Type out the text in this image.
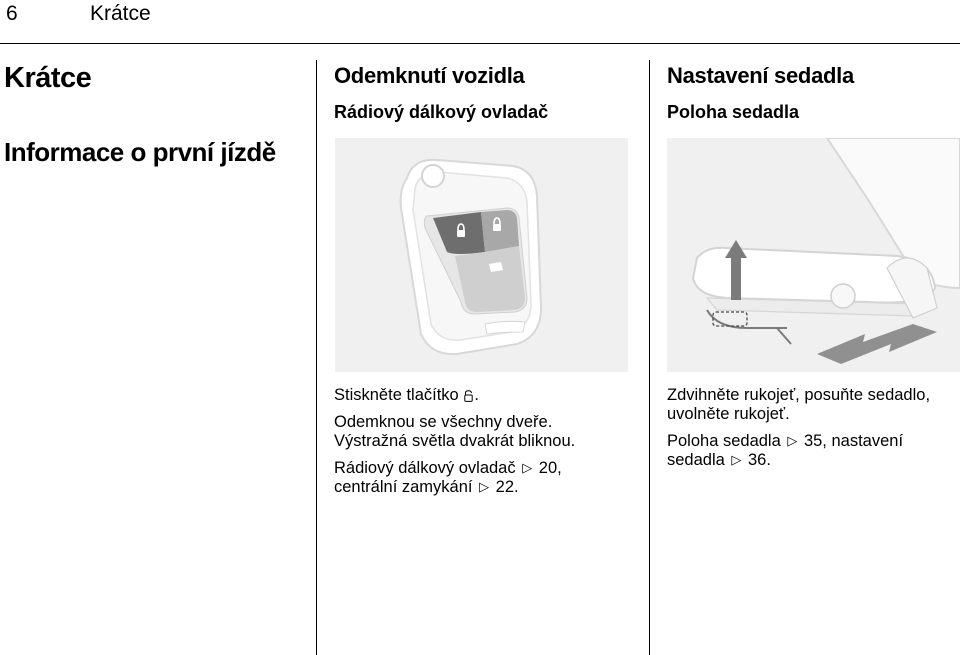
6	Krátce
Krátce
Informace o první jízdě
Odemknutí vozidla
Rádiový dálkový ovladač

Stiskněte tlačítko .

Odemknou se všechny dveře.
Výstražná světla dvakrát bliknou.

Rádiový dálkový ovladač ▷ 20,
centrální zamykání ▷ 22.

Nastavení sedadla
Poloha sedadla

Zdvihněte rukojeť, posuňte sedadlo,
uvolněte rukojeť.

Poloha sedadla ▷ 35, nastavení
sedadla ▷ 36.
